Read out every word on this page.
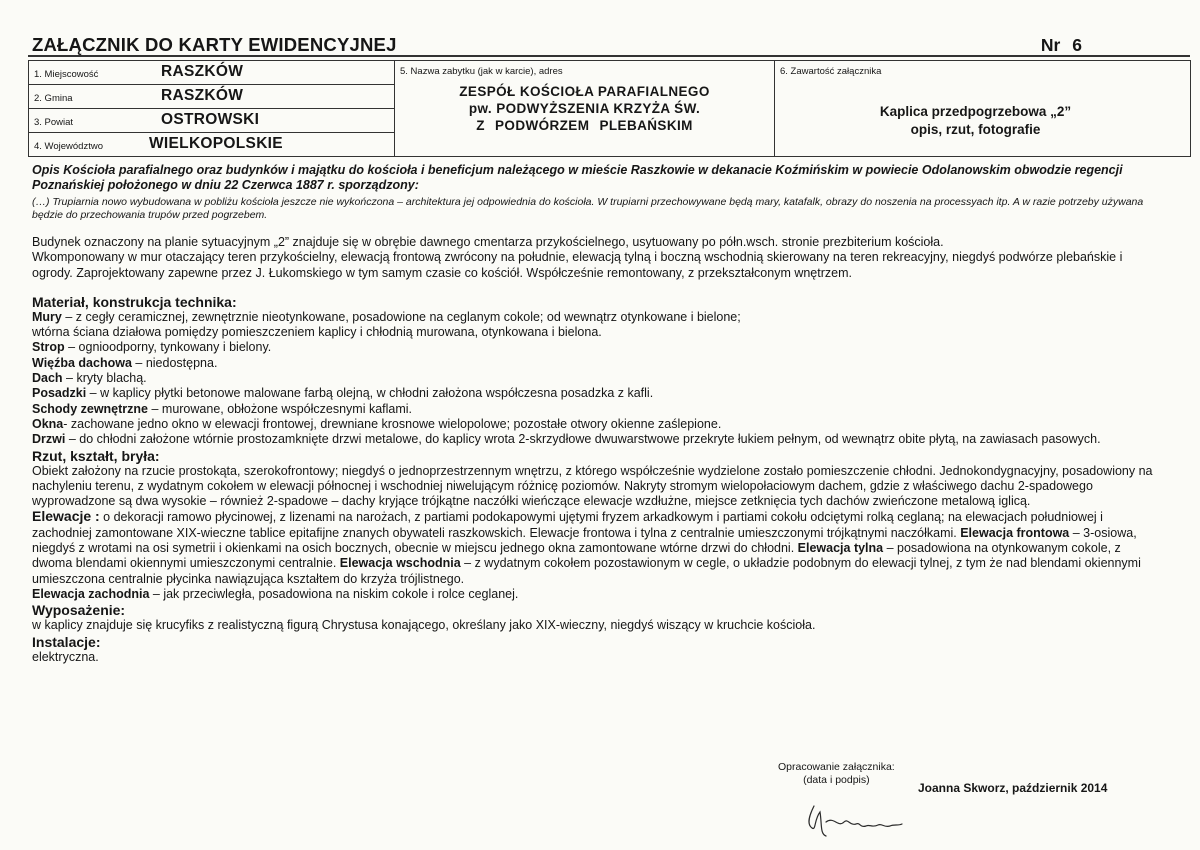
ZAŁĄCZNIK DO KARTY EWIDENCYJNEJ	Nr 6
1. Miejscowość	RASZKÓW	5. Nazwa zabytku (jak w karcie), adres
ZESPÓŁ KOŚCIOŁA PARAFIALNEGO
pw. PODWYŻSZENIA KRZYŻA ŚW.
Z PODWÓRZEM PLEBAŃSKIM

6. Zawartość załącznika
Kaplica przedpogrzebowa „2”
opis, rzut, fotografie

2. Gmina	RASZKÓW

3. Powiat	OSTROWSKI

4. Województwo	WIELKOPOLSKIE

Opis Kościoła parafialnego oraz budynków i majątku do kościoła i beneficjum należącego w mieście Raszkowie w dekanacie Koźmińskim w powiecie Odolanowskim obwodzie regencji Poznańskiej położonego w dniu 22 Czerwca 1887 r. sporządzony:

(…) Trupiarnia nowo wybudowana w pobliżu kościoła jeszcze nie wykończona – architektura jej odpowiednia do kościoła. W trupiarni przechowywane będą mary, katafalk, obrazy do noszenia na processyach itp. A w razie potrzeby używana będzie do przechowania trupów przed pogrzebem.

Budynek oznaczony na planie sytuacyjnym „2” znajduje się w obrębie dawnego cmentarza przykościelnego, usytuowany po półn.wsch. stronie prezbiterium kościoła.

Wkomponowany w mur otaczający teren przykościelny, elewacją frontową zwrócony na południe, elewacją tylną i boczną wschodnią skierowany na teren rekreacyjny, niegdyś podwórze plebańskie i ogrody. Zaprojektowany zapewne przez J. Łukomskiego w tym samym czasie co kościół. Współcześnie remontowany, z przekształconym wnętrzem.

Materiał, konstrukcja technika:

Mury – z cegły ceramicznej, zewnętrznie nieotynkowane, posadowione na ceglanym cokole; od wewnątrz otynkowane i bielone;

wtórna ściana działowa pomiędzy pomieszczeniem kaplicy i chłodnią murowana, otynkowana i bielona.

Strop – ognioodporny, tynkowany i bielony.

Więźba dachowa – niedostępna.

Dach – kryty blachą.

Posadzki – w kaplicy płytki betonowe malowane farbą olejną, w chłodni założona współczesna posadzka z kafli.

Schody zewnętrzne – murowane, obłożone współczesnymi kaflami.

Okna- zachowane jedno okno w elewacji frontowej, drewniane krosnowe wielopolowe; pozostałe otwory okienne zaślepione.

Drzwi – do chłodni założone wtórnie prostozamknięte drzwi metalowe, do kaplicy wrota 2-skrzydłowe dwuwarstwowe przekryte łukiem pełnym, od wewnątrz obite płytą, na zawiasach pasowych.

Rzut, kształt, bryła:

Obiekt założony na rzucie prostokąta, szerokofrontowy; niegdyś o jednoprzestrzennym wnętrzu, z którego współcześnie wydzielone zostało pomieszczenie chłodni. Jednokondygnacyjny, posadowiony na nachyleniu terenu, z wydatnym cokołem w elewacji północnej i wschodniej niwelującym różnicę poziomów. Nakryty stromym wielopołaciowym dachem, gdzie z właściwego dachu 2-spadowego wyprowadzone są dwa wysokie – również 2-spadowe – dachy kryjące trójkątne naczółki wieńczące elewacje wzdłużne, miejsce zetknięcia tych dachów zwieńczone metalową iglicą.

Elewacje : o dekoracji ramowo płycinowej, z lizenami na narożach, z partiami podokapowymi ujętymi fryzem arkadkowym i partiami cokołu odciętymi rolką ceglaną; na elewacjach południowej i zachodniej zamontowane XIX-wieczne tablice epitafijne znanych obywateli raszkowskich. Elewacje frontowa i tylna z centralnie umieszczonymi trójkątnymi naczółkami. Elewacja frontowa – 3-osiowa, niegdyś z wrotami na osi symetrii i okienkami na osich bocznych, obecnie w miejscu jednego okna zamontowane wtórne drzwi do chłodni. Elewacja tylna – posadowiona na otynkowanym cokole, z dwoma blendami okiennymi umieszczonymi centralnie. Elewacja wschodnia – z wydatnym cokołem pozostawionym w cegle, o układzie podobnym do elewacji tylnej, z tym że nad blendami okiennymi umieszczona centralnie płycinka nawiązująca kształtem do krzyża trójlistnego.

Elewacja zachodnia – jak przeciwległa, posadowiona na niskim cokole i rolce ceglanej.

Wyposażenie:

w kaplicy znajduje się krucyfiks z realistyczną figurą Chrystusa konającego, określany jako XIX-wieczny, niegdyś wiszący w kruchcie kościoła.

Instalacje:

elektryczna.

Opracowanie załącznika:
(data i podpis)
Joanna Skworz, październik 2014
